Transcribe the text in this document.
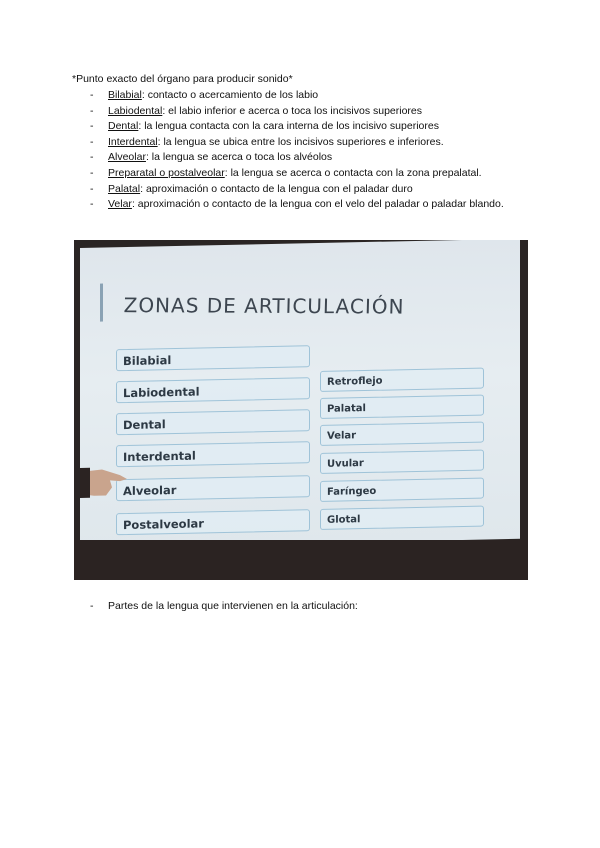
*Punto exacto del órgano para producir sonido*
- Bilabial: contacto o acercamiento de los labio
- Labiodental: el labio inferior e acerca o toca los incisivos superiores
- Dental: la lengua contacta con la cara interna de los incisivo superiores
- Interdental: la lengua se ubica entre los incisivos superiores e inferiores.
- Alveolar: la lengua se acerca o toca los alvéolos
- Preparatal o postalveolar: la lengua se acerca o contacta con la zona prepalatal.
- Palatal: aproximación o contacto de la lengua con el paladar duro
- Velar: aproximación o contacto de la lengua con el velo del paladar o paladar blando.
ZONAS DE ARTICULACIÓN
Bilabial
Labiodental
Dental
Interdental
Alveolar
Postalveolar
Retroflejo
Palatal
Velar
Uvular
Faríngeo
Glotal
- Partes de la lengua que intervienen en la articulación:
